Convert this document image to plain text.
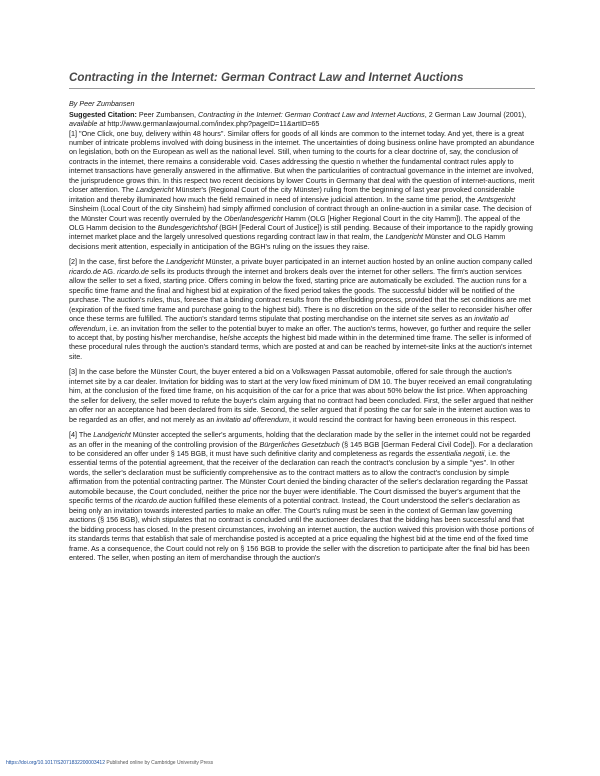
Contracting in the Internet: German Contract Law and Internet Auctions
By Peer Zumbansen

Suggested Citation: Peer Zumbansen, Contracting in the Internet: German Contract Law and Internet Auctions, 2 German Law Journal (2001), available at http://www.germanlawjournal.com/index.php?pageID=11&artID=65
[1] "One Click, one buy, delivery within 48 hours". Similar offers for goods of all kinds are common to the internet today. And yet, there is a great number of intricate problems involved with doing business in the internet. The uncertainties of doing business online have prompted an abundance on legislation, both on the European as well as the national level. Still, when turning to the courts for a clear doctrine of, say, the conclusion of contracts in the internet, there remains a considerable void. Cases addressing the questio n whether the fundamental contract rules apply to internet transactions have generally answered in the affirmative. But when the particularities of contractual governance in the internet are involved, the jurisprudence grows thin. In this respect two recent decisions by lower Courts in Germany that deal with the question of internet-auctions, merit closer attention. The Landgericht Münster's (Regional Court of the city Münster) ruling from the beginning of last year provoked considerable irritation and thereby illuminated how much the field remained in need of intensive judicial attention. In the same time period, the Amtsgericht Sinsheim (Local Court of the city Sinsheim) had simply affirmed conclusion of contract through an online-auction in a similar case. The decision of the Münster Court was recently overruled by the Oberlandesgericht Hamm (OLG [Higher Regional Court in the city Hamm]). The appeal of the OLG Hamm decision to the Bundesgerichtshof (BGH [Federal Court of Justice]) is still pending. Because of their importance to the rapidly growing internet market place and the largely unresolved questions regarding contract law in that realm, the Landgericht Münster and OLG Hamm decisions merit attention, especially in anticipation of the BGH's ruling on the issues they raise.

[2] In the case, first before the Landgericht Münster, a private buyer participated in an internet auction hosted by an online auction company called ricardo.de AG. ricardo.de sells its products through the internet and brokers deals over the internet for other sellers. The firm's auction services allow the seller to set a fixed, starting price. Offers coming in below the fixed, starting price are automatically be excluded. The auction runs for a specific time frame and the final and highest bid at expiration of the fixed period takes the goods. The successful bidder will be notified of the purchase. The auction's rules, thus, foresee that a binding contract results from the offer/bidding process, provided that the set conditions are met (expiration of the fixed time frame and purchase going to the highest bid). There is no discretion on the side of the seller to reconsider his/her offer once these terms are fulfilled. The auction's standard terms stipulate that posting merchandise on the internet site serves as an invitatio ad offerendum, i.e. an invitation from the seller to the potential buyer to make an offer. The auction's terms, however, go further and require the seller to accept that, by posting his/her merchandise, he/she accepts the highest bid made within in the determined time frame. The seller is informed of these procedural rules through the auction's standard terms, which are posted at and can be reached by internet-site links at the auction's internet site.

[3] In the case before the Münster Court, the buyer entered a bid on a Volkswagen Passat automobile, offered for sale through the auction's internet site by a car dealer. Invitation for bidding was to start at the very low fixed minimum of DM 10. The buyer received an email congratulating him, at the conclusion of the fixed time frame, on his acquisition of the car for a price that was about 50% below the list price. When approaching the seller for delivery, the seller moved to refute the buyer's claim arguing that no contract had been concluded. First, the seller argued that neither an offer nor an acceptance had been declared from its side. Second, the seller argued that if posting the car for sale in the internet auction was to be regarded as an offer, and not merely as an invitatio ad offerendum, it would rescind the contract for having been erroneous in this respect.

[4] The Landgericht Münster accepted the seller's arguments, holding that the declaration made by the seller in the internet could not be regarded as an offer in the meaning of the controlling provision of the Bürgerliches Gesetzbuch (§ 145 BGB [German Federal Civil Code]). For a declaration to be considered an offer under § 145 BGB, it must have such definitive clarity and completeness as regards the essentialia negotii, i.e. the essential terms of the potential agreement, that the receiver of the declaration can reach the contract's conclusion by a simple "yes". In other words, the seller's declaration must be sufficiently comprehensive as to the contract matters as to allow the contract's conclusion by simple affirmation from the potential contracting partner. The Münster Court denied the binding character of the seller's declaration regarding the Passat automobile because, the Court concluded, neither the price nor the buyer were identifiable. The Court dismissed the buyer's argument that the specific terms of the ricardo.de auction fulfilled these elements of a potential contract. Instead, the Court understood the seller's declaration as being only an invitation towards interested parties to make an offer. The Court's ruling must be seen in the context of German law governing auctions (§ 156 BGB), which stipulates that no contract is concluded until the auctioneer declares that the bidding has been successful and that the bidding process has closed. In the present circumstances, involving an internet auction, the auction waived this provision with those portions of its standards terms that establish that sale of merchandise posted is accepted at a price equaling the highest bid at the time end of the fixed time frame. As a consequence, the Court could not rely on § 156 BGB to provide the seller with the discretion to participate after the final bid has been entered. The seller, when posting an item of merchandise through the auction's

https://doi.org/10.1017/S2071832200003412 Published online by Cambridge University Press
